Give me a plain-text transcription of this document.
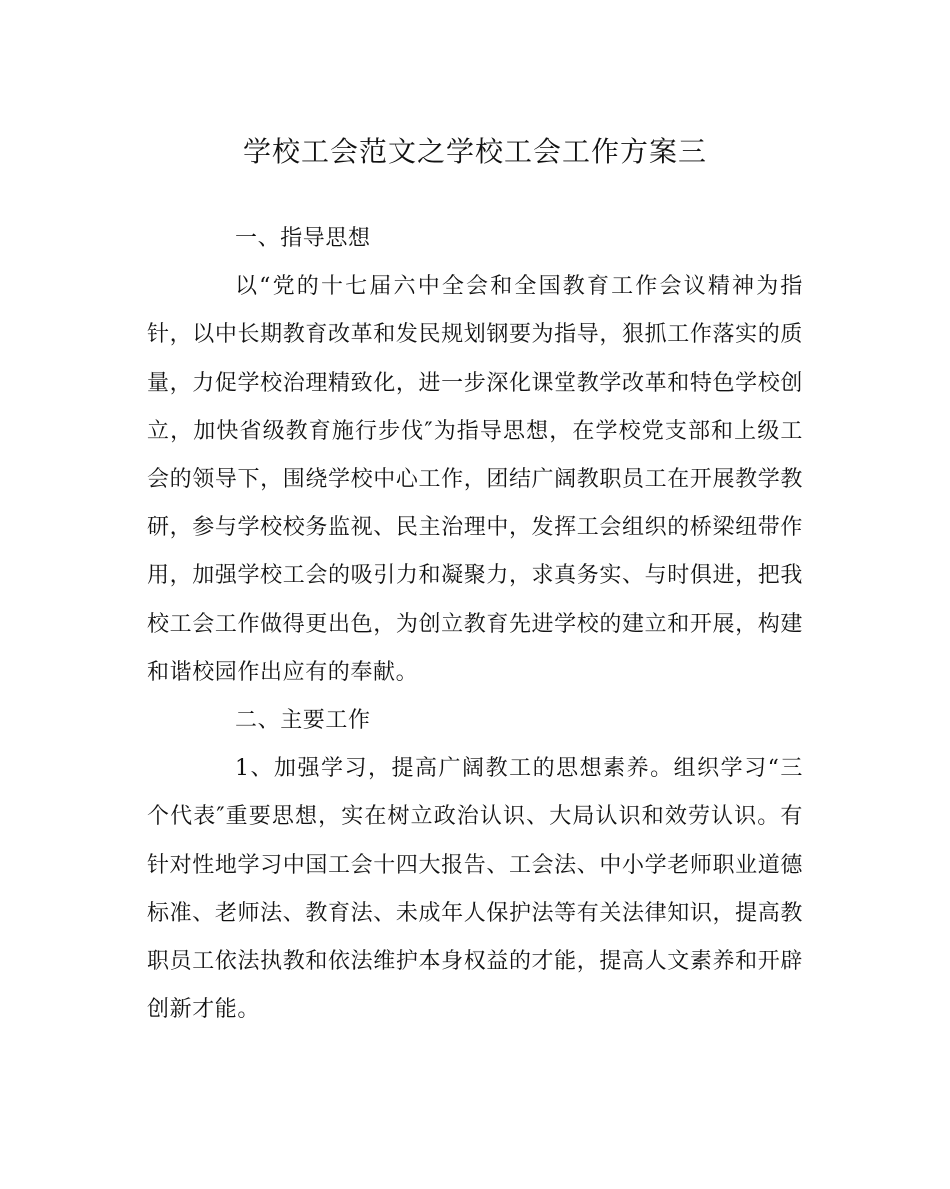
学校工会范文之学校工会工作方案三

一、指导思想

以“党的十七届六中全会和全国教育工作会议精神为指针，以中长期教育改革和发民规划钢要为指导，狠抓工作落实的质量，力促学校治理精致化，进一步深化课堂教学改革和特色学校创立，加快省级教育施行步伐″为指导思想，在学校党支部和上级工会的领导下，围绕学校中心工作，团结广阔教职员工在开展教学教研，参与学校校务监视、民主治理中，发挥工会组织的桥梁纽带作用，加强学校工会的吸引力和凝聚力，求真务实、与时俱进，把我校工会工作做得更出色，为创立教育先进学校的建立和开展，构建和谐校园作出应有的奉献。

二、主要工作

1、加强学习，提高广阔教工的思想素养。组织学习“三个代表″重要思想，实在树立政治认识、大局认识和效劳认识。有针对性地学习中国工会十四大报告、工会法、中小学老师职业道德标准、老师法、教育法、未成年人保护法等有关法律知识，提高教职员工依法执教和依法维护本身权益的才能，提高人文素养和开辟创新才能。
